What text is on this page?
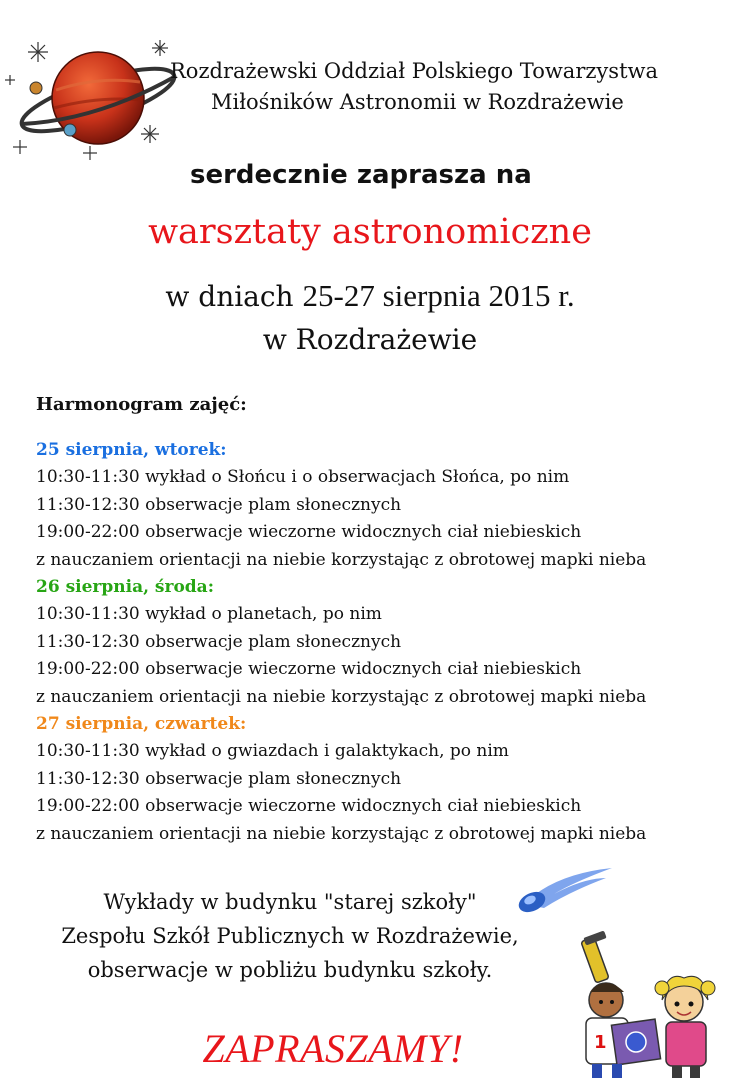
Rozdrażewski Oddział Polskiego Towarzystwa
Miłośników Astronomii w Rozdrażewie
serdecznie zaprasza na
warsztaty astronomiczne
w dniach 25-27 sierpnia 2015 r.
w Rozdrażewie
Harmonogram zajęć:
25 sierpnia, wtorek:
10:30-11:30 wykład o Słońcu i o obserwacjach Słońca, po nim
11:30-12:30 obserwacje plam słonecznych
19:00-22:00 obserwacje wieczorne widocznych ciał niebieskich
z nauczaniem orientacji na niebie korzystając z obrotowej mapki nieba
26 sierpnia, środa:
10:30-11:30 wykład o planetach, po nim
11:30-12:30 obserwacje plam słonecznych
19:00-22:00 obserwacje wieczorne widocznych ciał niebieskich
z nauczaniem orientacji na niebie korzystając z obrotowej mapki nieba
27 sierpnia, czwartek:
10:30-11:30 wykład o gwiazdach i galaktykach, po nim
11:30-12:30 obserwacje plam słonecznych
19:00-22:00 obserwacje wieczorne widocznych ciał niebieskich
z nauczaniem orientacji na niebie korzystając z obrotowej mapki nieba
Wykłady w budynku "starej szkoły"
Zespołu Szkół Publicznych w Rozdrażewie,
obserwacje w pobliżu budynku szkoły.
1
ZAPRASZAMY!
